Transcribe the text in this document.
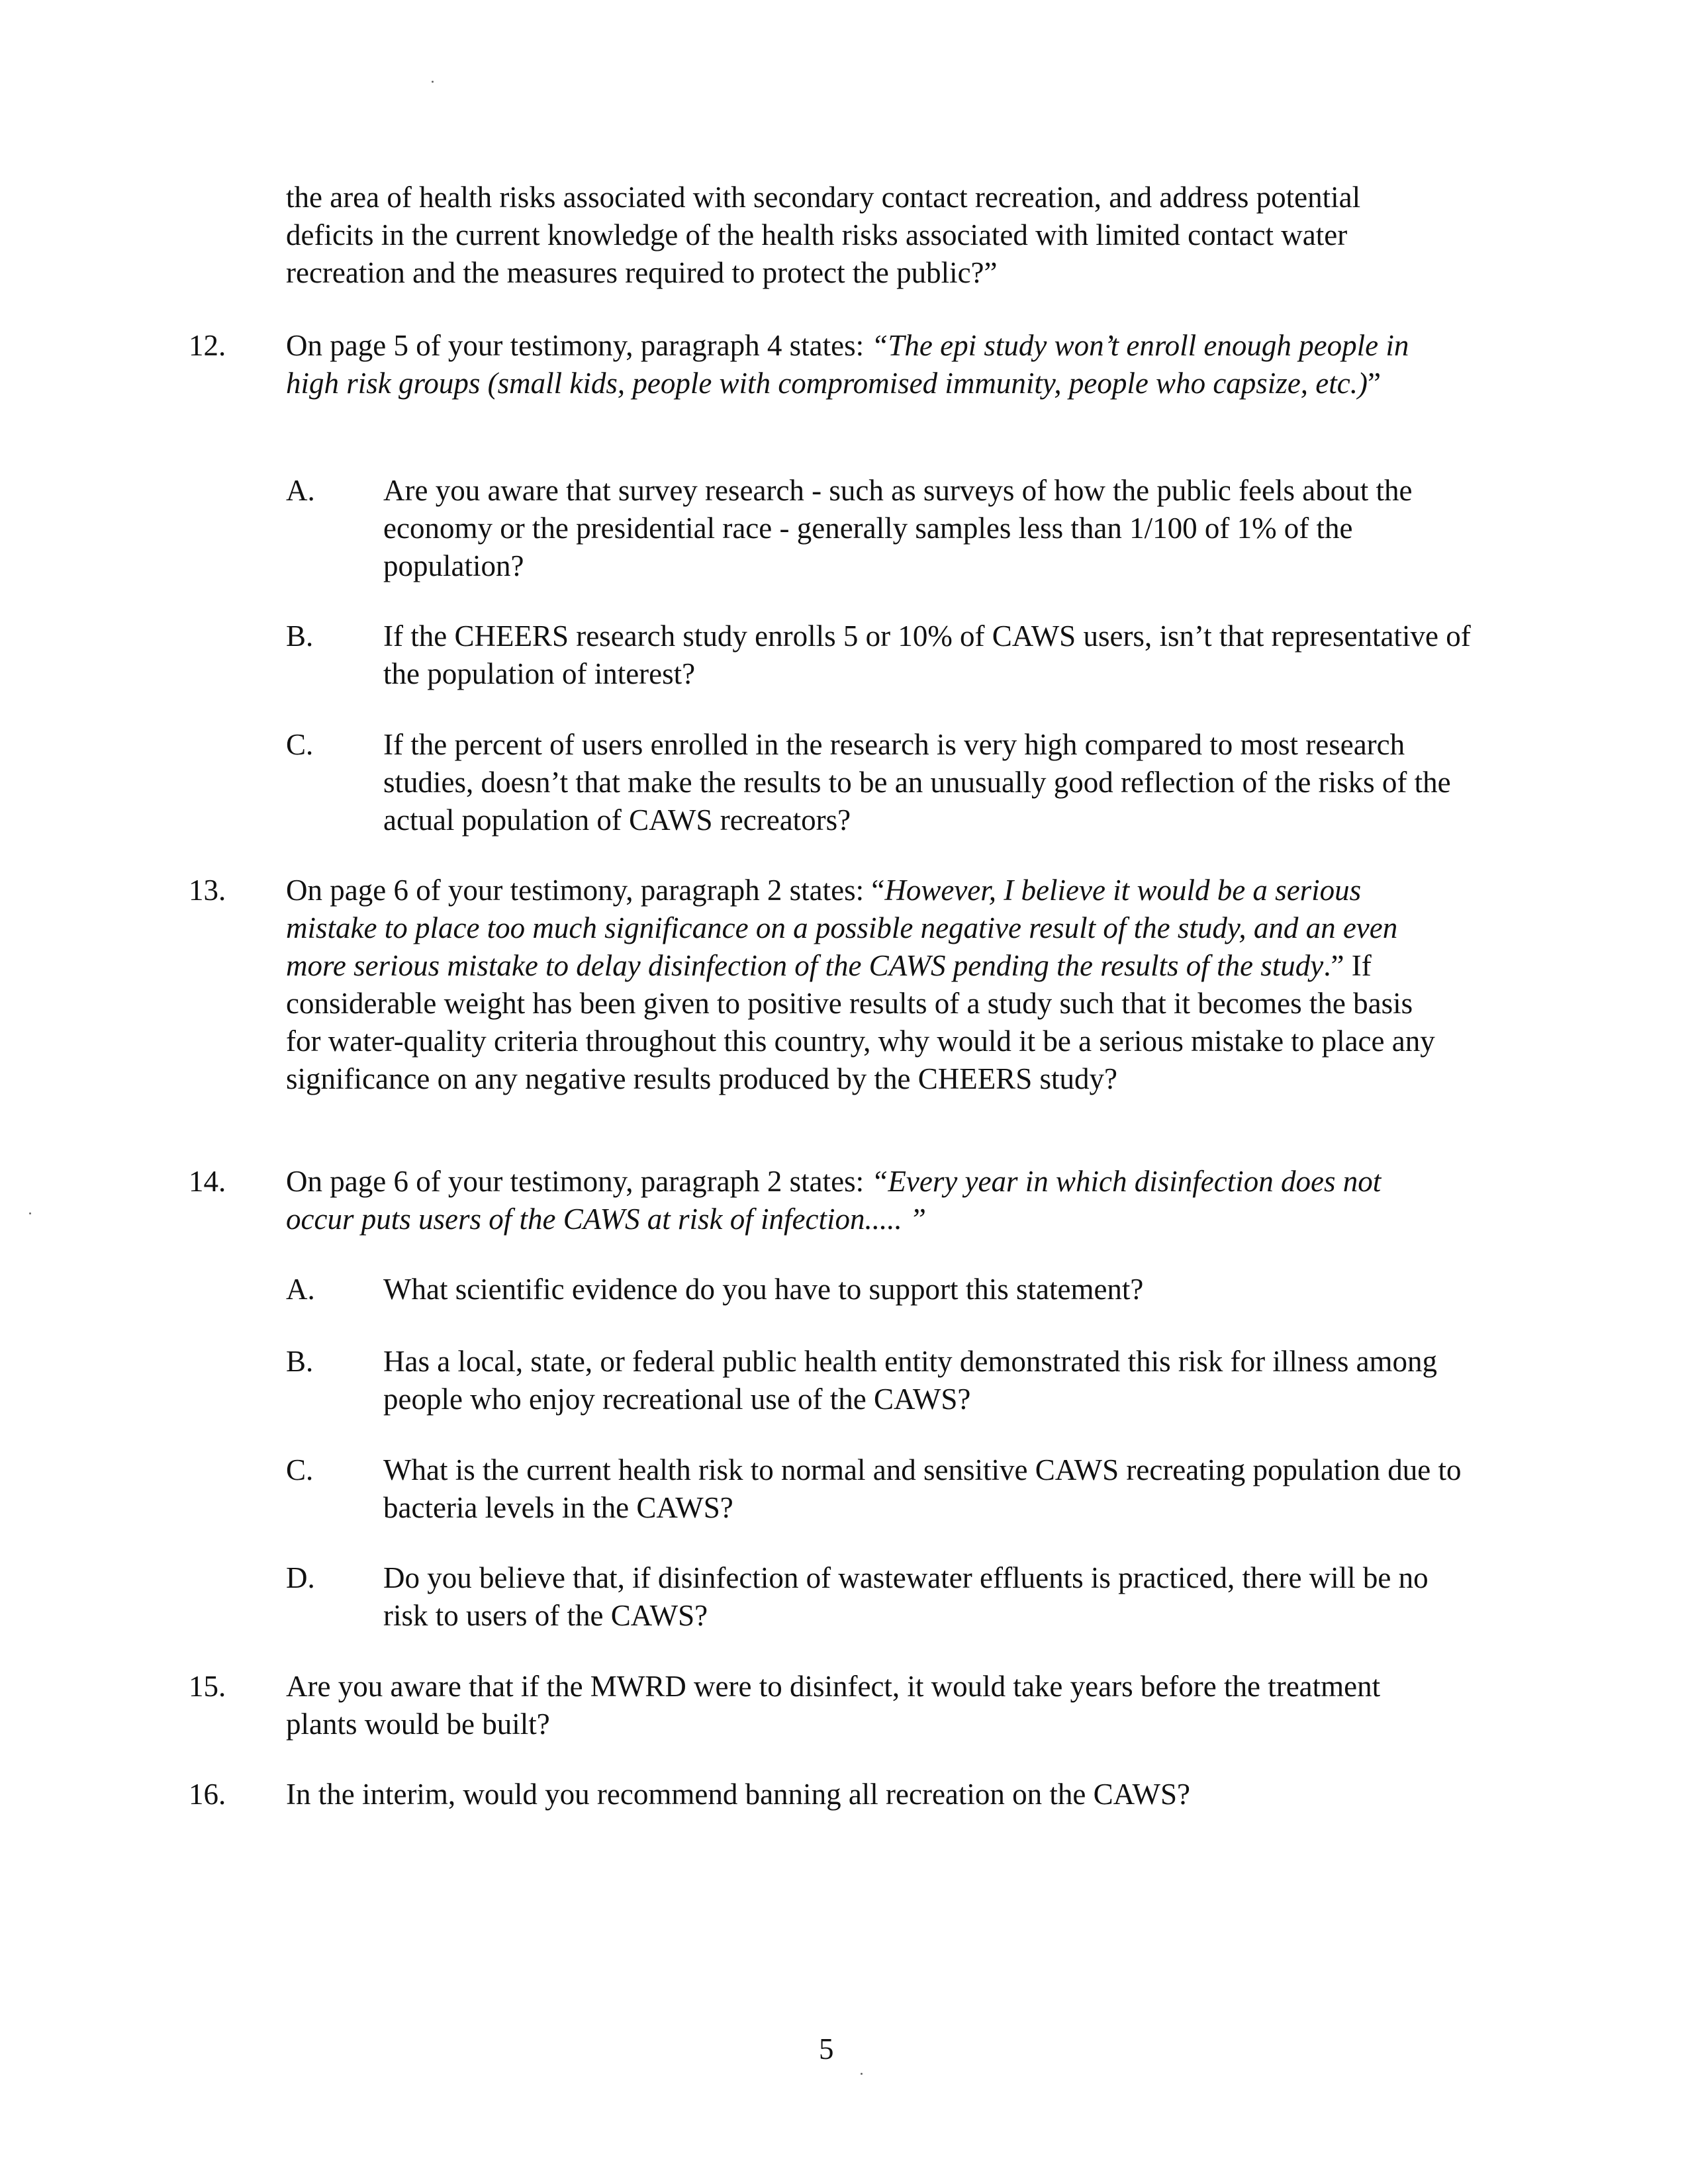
the area of health risks associated with secondary contact recreation, and address potential deficits in the current knowledge of the health risks associated with limited contact water recreation and the measures required to protect the public?”
12. On page 5 of your testimony, paragraph 4 states: “The epi study won’t enroll enough people in high risk groups (small kids, people with compromised immunity, people who capsize, etc.)”
A. Are you aware that survey research - such as surveys of how the public feels about the economy or the presidential race - generally samples less than 1/100 of 1% of the population?
B. If the CHEERS research study enrolls 5 or 10% of CAWS users, isn’t that representative of the population of interest?
C. If the percent of users enrolled in the research is very high compared to most research studies, doesn’t that make the results to be an unusually good reflection of the risks of the actual population of CAWS recreators?
13. On page 6 of your testimony, paragraph 2 states: “However, I believe it would be a serious mistake to place too much significance on a possible negative result of the study, and an even more serious mistake to delay disinfection of the CAWS pending the results of the study.” If considerable weight has been given to positive results of a study such that it becomes the basis for water-quality criteria throughout this country, why would it be a serious mistake to place any significance on any negative results produced by the CHEERS study?
14. On page 6 of your testimony, paragraph 2 states: “Every year in which disinfection does not occur puts users of the CAWS at risk of infection..... ”
A. What scientific evidence do you have to support this statement?
B. Has a local, state, or federal public health entity demonstrated this risk for illness among people who enjoy recreational use of the CAWS?
C. What is the current health risk to normal and sensitive CAWS recreating population due to bacteria levels in the CAWS?
D. Do you believe that, if disinfection of wastewater effluents is practiced, there will be no risk to users of the CAWS?
15. Are you aware that if the MWRD were to disinfect, it would take years before the treatment plants would be built?
16. In the interim, would you recommend banning all recreation on the CAWS?
5
